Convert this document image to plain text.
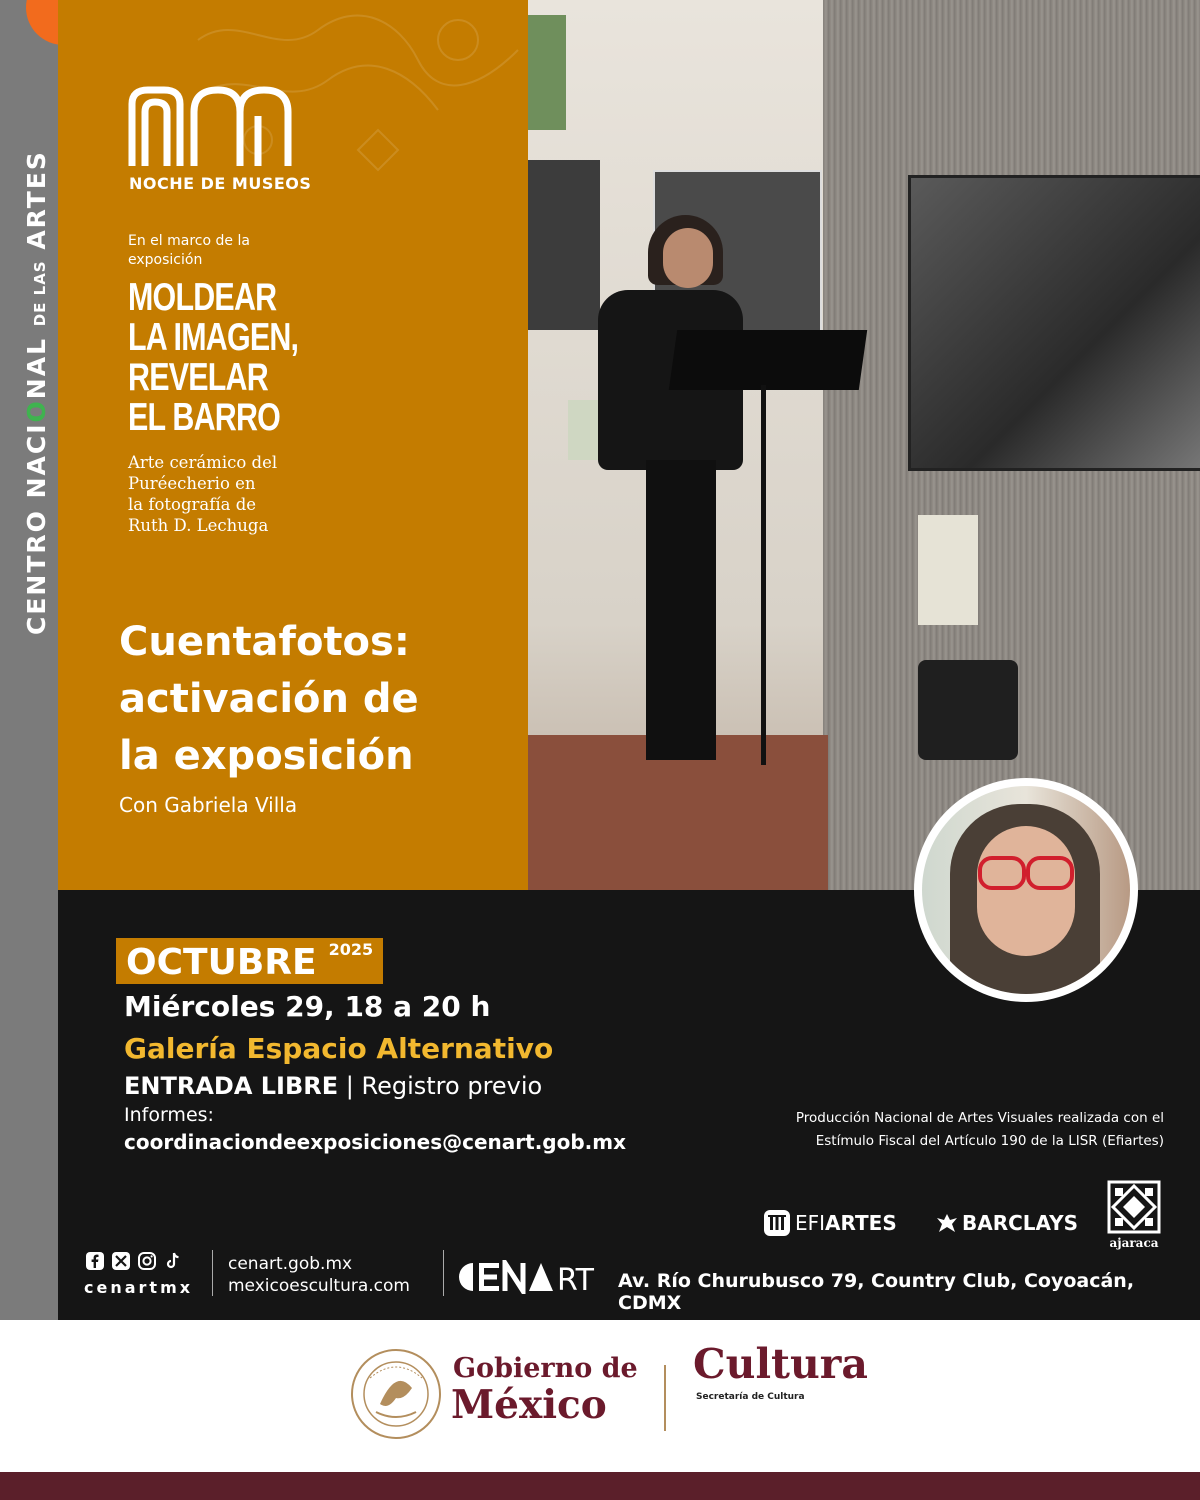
CENTRO NACIONAL DE LAS ARTES	NOCHE DE MUSEOS
En el marco de la exposición
MOLDEAR
LA IMAGEN,
REVELAR
EL BARRO
Arte cerámico del
Puréecherio en
la fotografía de
Ruth D. Lechuga
Cuentafotos:
activación de
la exposición
Con Gabriela Villa
OCTUBRE 2025
Miércoles 29, 18 a 20 h
Galería Espacio Alternativo
ENTRADA LIBRE | Registro previo
Informes:
coordinaciondeexposiciones@cenart.gob.mx
Producción Nacional de Artes Visuales realizada con el
Estímulo Fiscal del Artículo 190 de la LISR (Efiartes)
EFI ARTES	BARCLAYS
ajaraca
cenartmx
cenart.gob.mx
mexicoescultura.com	RT Av. Río Churubusco 79, Country Club, Coyoacán, CDMX
Gobierno de
México
Cultura
Secretaría de Cultura
